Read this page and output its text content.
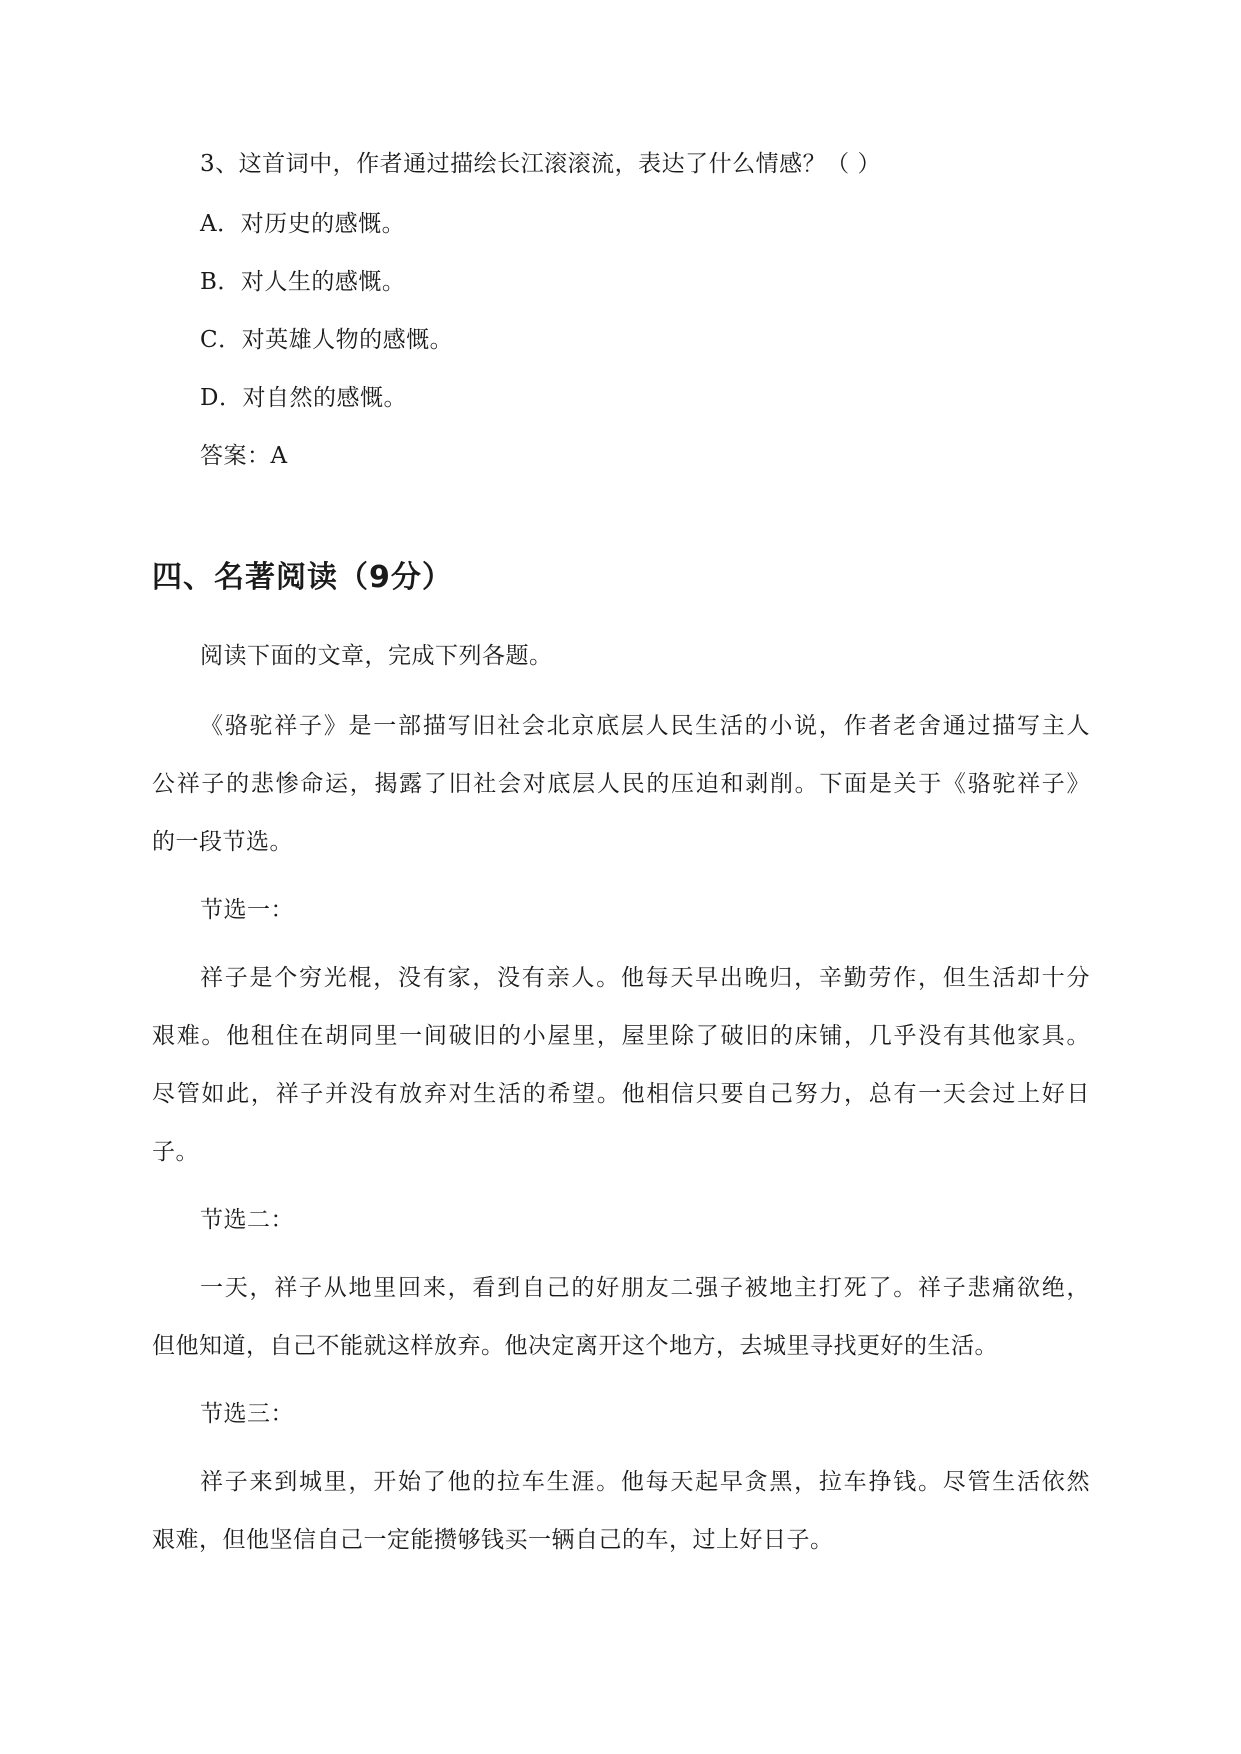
3、这首词中，作者通过描绘长江滚滚流，表达了什么情感？（ ）
A．对历史的感慨。
B．对人生的感慨。
C．对英雄人物的感慨。
D．对自然的感慨。
答案：A
四、名著阅读（9分）
阅读下面的文章，完成下列各题。
《骆驼祥子》是一部描写旧社会北京底层人民生活的小说，作者老舍通过描写主人
公祥子的悲惨命运，揭露了旧社会对底层人民的压迫和剥削。下面是关于《骆驼祥子》
的一段节选。
节选一：
祥子是个穷光棍，没有家，没有亲人。他每天早出晚归，辛勤劳作，但生活却十分
艰难。他租住在胡同里一间破旧的小屋里，屋里除了破旧的床铺，几乎没有其他家具。
尽管如此，祥子并没有放弃对生活的希望。他相信只要自己努力，总有一天会过上好日
子。
节选二：
一天，祥子从地里回来，看到自己的好朋友二强子被地主打死了。祥子悲痛欲绝，
但他知道，自己不能就这样放弃。他决定离开这个地方，去城里寻找更好的生活。
节选三：
祥子来到城里，开始了他的拉车生涯。他每天起早贪黑，拉车挣钱。尽管生活依然
艰难，但他坚信自己一定能攒够钱买一辆自己的车，过上好日子。
